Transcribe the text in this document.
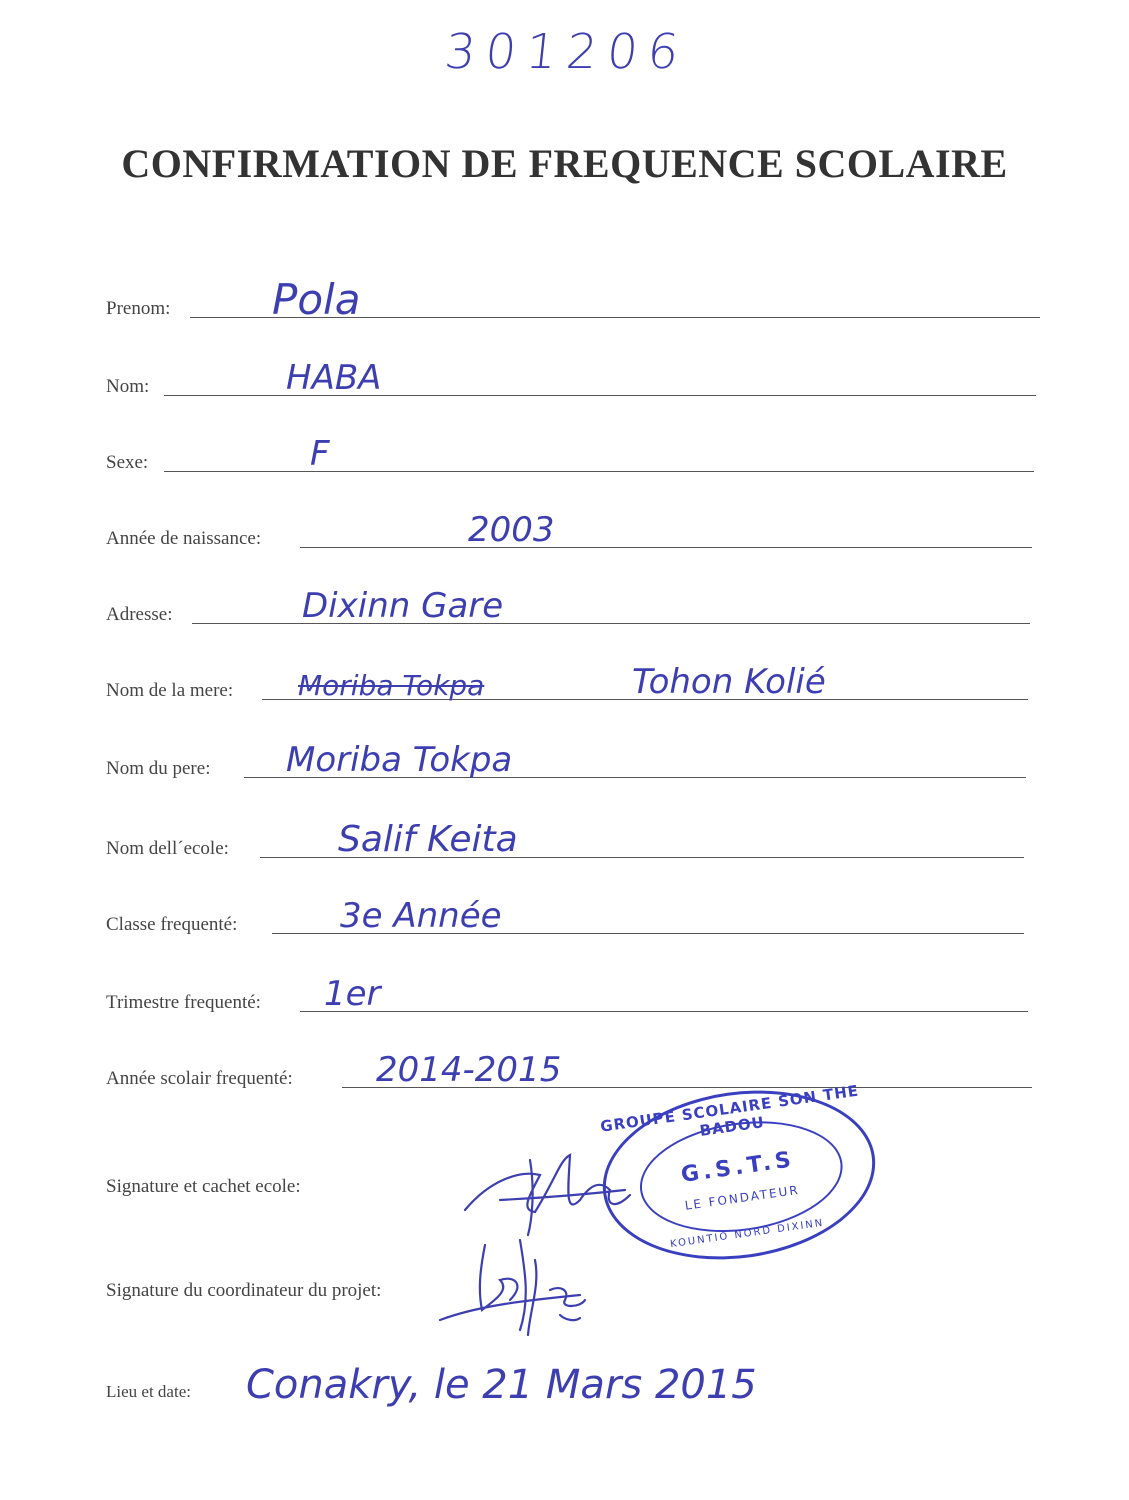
301206
CONFIRMATION DE FREQUENCE SCOLAIRE
Prenom: Pola
Nom:	HABA
Sexe:	F
Année de naissance:	2003
Adresse:	Dixinn Gare
Nom de la mere: Moriba Tokpa	Tohon Kolié
Nom du pere: Moriba Tokpa
Nom dell´ecole:	Salif Keita
Classe frequenté:	3e Année
Trimestre frequenté: 1er
Année scolair frequenté: 2014-2015
Signature et cachet ecole:
Signature du coordinateur du projet:
Lieu et date: Conakry, le 21 Mars 2015
GROUPE SCOLAIRE SON THE BADOU
G.S.T.S
LE FONDATEUR
KOUNTIO NORD DIXINN
